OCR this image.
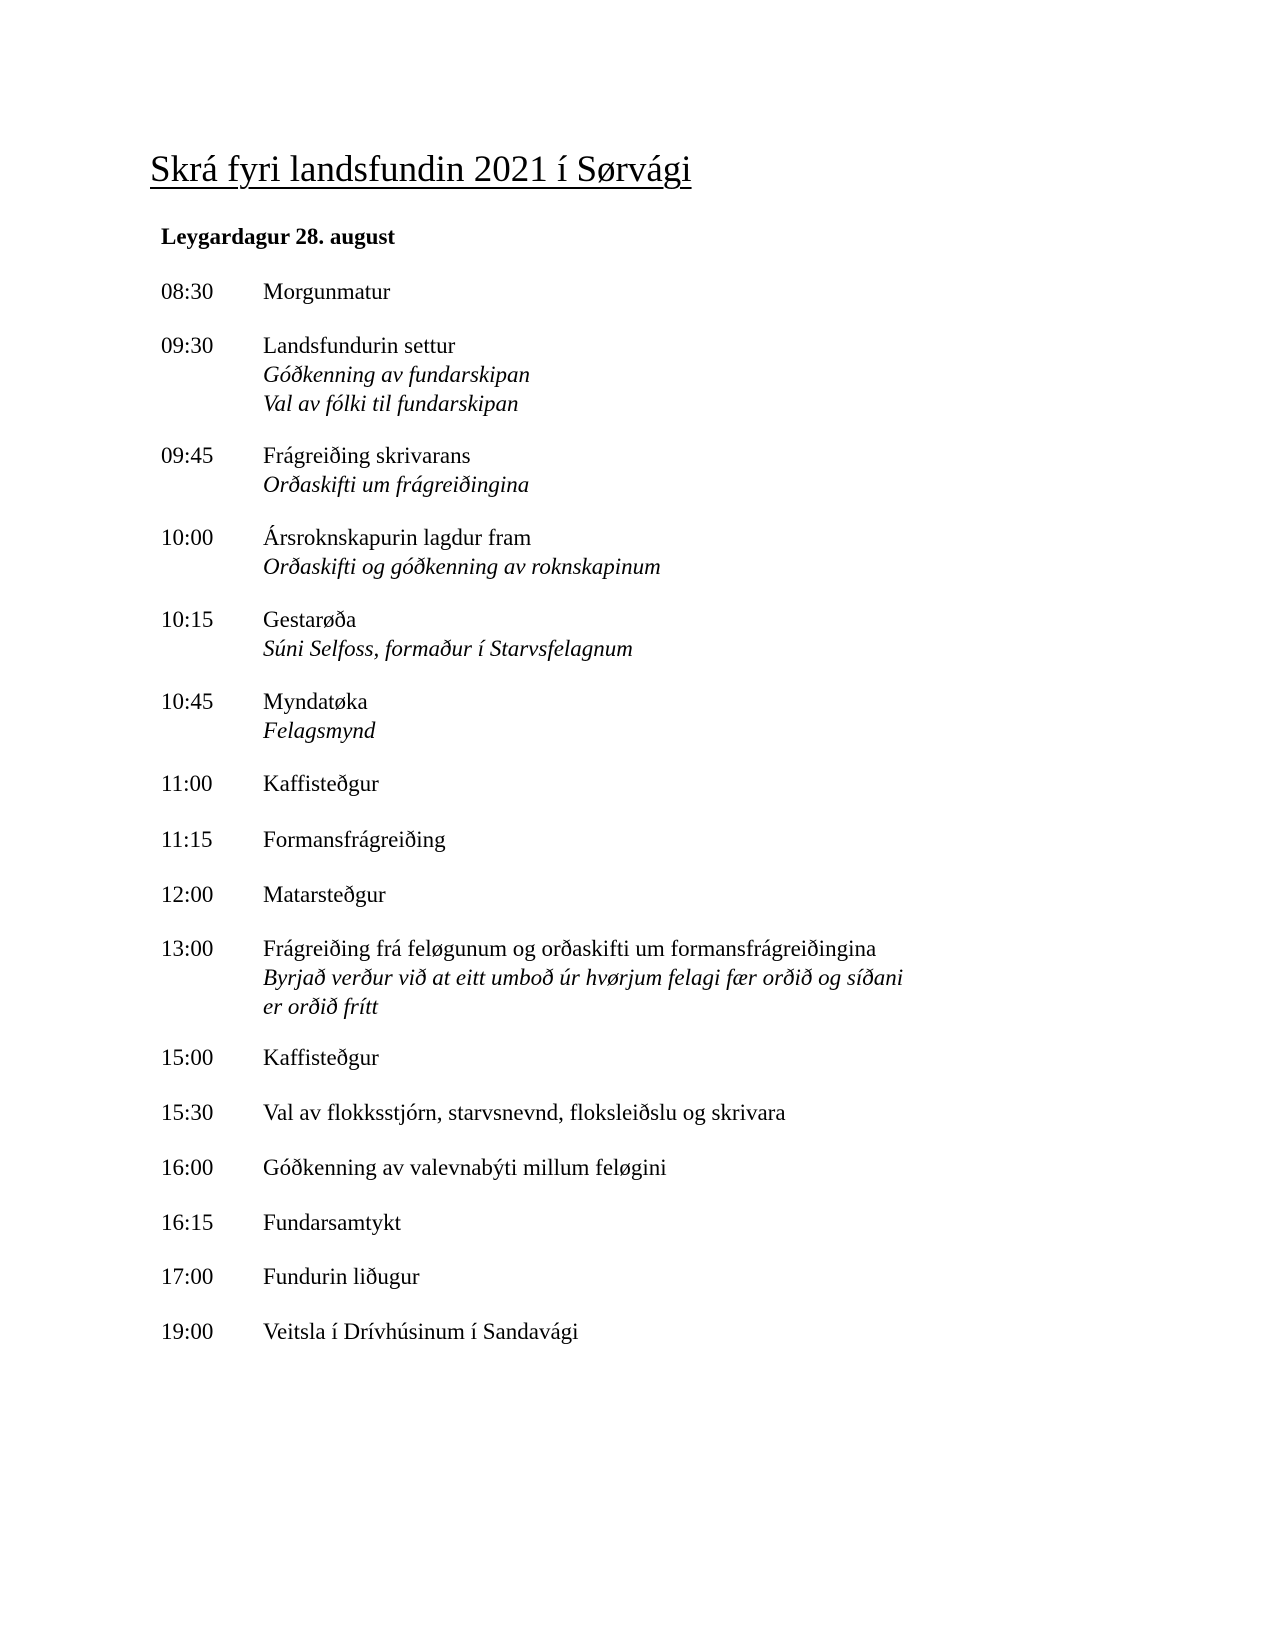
Skrá fyri landsfundin 2021 í Sørvági
Leygardagur 28. august
08:30 Morgunmatur
09:30 Landsfundurin settur
Góðkenning av fundarskipan
Val av fólki til fundarskipan
09:45 Frágreiðing skrivarans
Orðaskifti um frágreiðingina
10:00 Ársroknskapurin lagdur fram
Orðaskifti og góðkenning av roknskapinum
10:15 Gestarøða
Súni Selfoss, formaður í Starvsfelagnum
10:45 Myndatøka
Felagsmynd
11:00 Kaffisteðgur
11:15 Formansfrágreiðing
12:00 Matarsteðgur
13:00 Frágreiðing frá feløgunum og orðaskifti um formansfrágreiðingina
Byrjað verður við at eitt umboð úr hvørjum felagi fær orðið og síðani
er orðið frítt
15:00 Kaffisteðgur
15:30 Val av flokksstjórn, starvsnevnd, floksleiðslu og skrivara
16:00 Góðkenning av valevnabýti millum feløgini
16:15 Fundarsamtykt
17:00 Fundurin liðugur
19:00 Veitsla í Drívhúsinum í Sandavági
